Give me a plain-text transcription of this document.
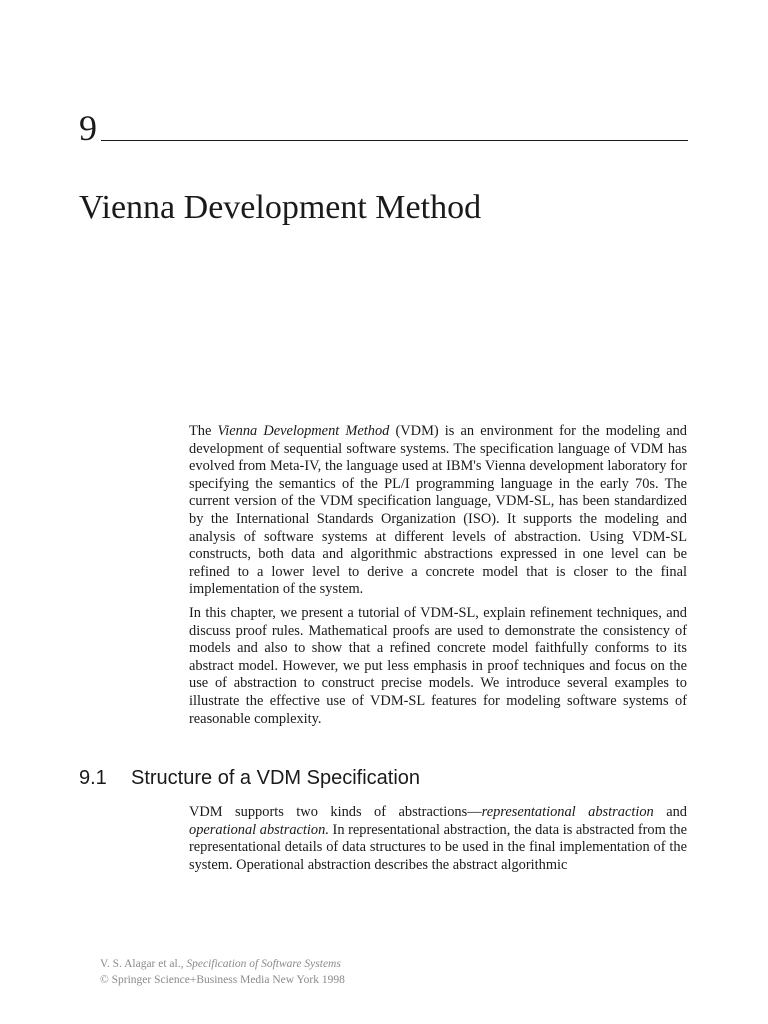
9
Vienna Development Method

The Vienna Development Method (VDM) is an environment for the modeling and development of sequential software systems. The specification language of VDM has evolved from Meta-IV, the language used at IBM's Vienna development laboratory for specifying the semantics of the PL/I programming language in the early 70s. The current version of the VDM specification language, VDM-SL, has been standardized by the International Standards Organization (ISO). It supports the modeling and analysis of software systems at different levels of abstraction. Using VDM-SL constructs, both data and algorithmic abstractions expressed in one level can be refined to a lower level to derive a concrete model that is closer to the final implementation of the system.

In this chapter, we present a tutorial of VDM-SL, explain refinement techniques, and discuss proof rules. Mathematical proofs are used to demonstrate the consistency of models and also to show that a refined concrete model faithfully conforms to its abstract model. However, we put less emphasis in proof techniques and focus on the use of abstraction to construct precise models. We introduce several examples to illustrate the effective use of VDM-SL features for modeling software systems of reasonable complexity.

9.1 Structure of a VDM Specification

VDM supports two kinds of abstractions—representational abstraction and operational abstraction. In representational abstraction, the data is abstracted from the representational details of data structures to be used in the final implementation of the system. Operational abstraction describes the abstract algorithmic

V. S. Alagar et al., Specification of Software Systems
© Springer Science+Business Media New York 1998
